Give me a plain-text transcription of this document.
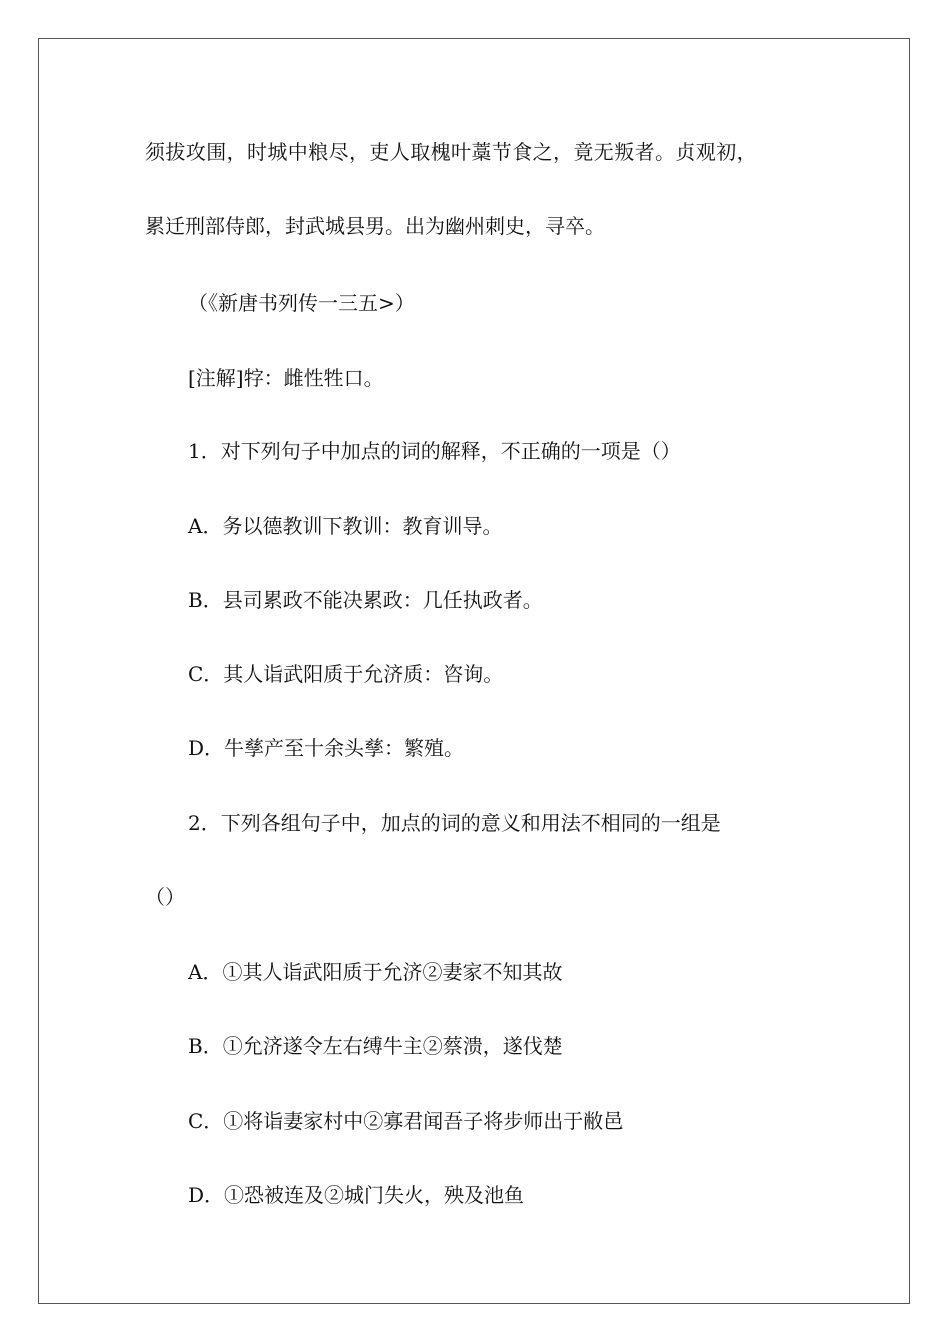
须拔攻围，时城中粮尽，吏人取槐叶藁节食之，竟无叛者。贞观初，
累迁刑部侍郎，封武城县男。出为幽州刺史，寻卒。
（《新唐书列传一三五>）
[注解]牸：雌性牲口。
1．对下列句子中加点的词的解释，不正确的一项是（）
A．务以德教训下教训：教育训导。
B．县司累政不能决累政：几任执政者。
C．其人诣武阳质于允济质：咨询。
D．牛孳产至十余头孳：繁殖。
2．下列各组句子中，加点的词的意义和用法不相同的一组是
（）
A．①其人诣武阳质于允济②妻家不知其故
B．①允济遂令左右缚牛主②蔡溃，遂伐楚
C．①将诣妻家村中②寡君闻吾子将步师出于敝邑
D．①恐被连及②城门失火，殃及池鱼
